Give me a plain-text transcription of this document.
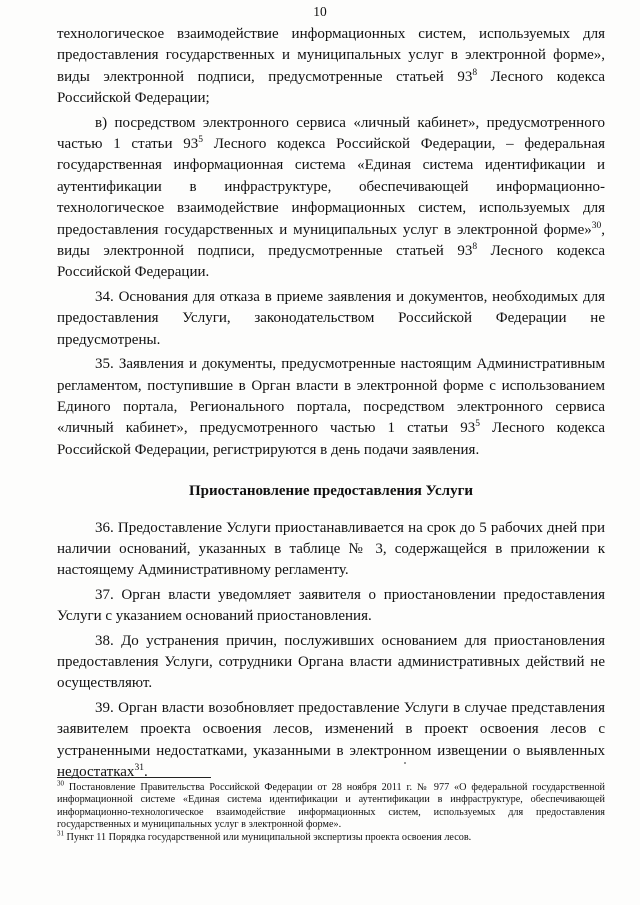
10

технологическое взаимодействие информационных систем, используемых для предоставления государственных и муниципальных услуг в электронной форме», виды электронной подписи, предусмотренные статьей $93^8$ Лесного кодекса Российской Федерации;

в) посредством электронного сервиса «личный кабинет», предусмотренного частью 1 статьи $93^5$ Лесного кодекса Российской Федерации, – федеральная государственная информационная система «Единая система идентификации и аутентификации в инфраструктуре, обеспечивающей информационно-технологическое взаимодействие информационных систем, используемых для предоставления государственных и муниципальных услуг в электронной форме»$^{30}$, виды электронной подписи, предусмотренные статьей $93^8$ Лесного кодекса Российской Федерации.

34. Основания для отказа в приеме заявления и документов, необходимых для предоставления Услуги, законодательством Российской Федерации не предусмотрены.

35. Заявления и документы, предусмотренные настоящим Административным регламентом, поступившие в Орган власти в электронной форме с использованием Единого портала, Регионального портала, посредством электронного сервиса «личный кабинет», предусмотренного частью 1 статьи $93^5$ Лесного кодекса Российской Федерации, регистрируются в день подачи заявления.

Приостановление предоставления Услуги

36. Предоставление Услуги приостанавливается на срок до 5 рабочих дней при наличии оснований, указанных в таблице № 3, содержащейся в приложении к настоящему Административному регламенту.

37. Орган власти уведомляет заявителя о приостановлении предоставления Услуги с указанием оснований приостановления.

38. До устранения причин, послуживших основанием для приостановления предоставления Услуги, сотрудники Органа власти административных действий не осуществляют.

39. Орган власти возобновляет предоставление Услуги в случае представления заявителем проекта освоения лесов, изменений в проект освоения лесов с устраненными недостатками, указанными в электронном извещении о выявленных недостатках$^{31}$.

$^{30}$ Постановление Правительства Российской Федерации от 28 ноября 2011 г. № 977 «О федеральной государственной информационной системе «Единая система идентификации и аутентификации в инфраструктуре, обеспечивающей информационно-технологическое взаимодействие информационных систем, используемых для предоставления государственных и муниципальных услуг в электронной форме».

$^{31}$ Пункт 11 Порядка государственной или муниципальной экспертизы проекта освоения лесов.
